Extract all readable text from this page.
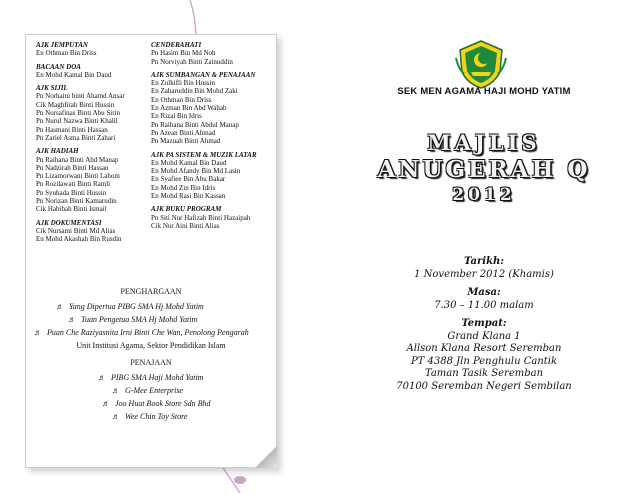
AJK JEMPUTAN
En Othman Bin Driss
BACAAN DOA
En Mohd Kamal Bin Daud
AJK SIJIL
Pn Norhaini binti Ahamd Ansar
Cik Maghfirah Binti Hussin
Pn Norsafinas Binti Abu Sirin
Pn Nurul Nazwa Binti Khalil
Pn Hasmani Binti Hassan
Pn Zariel Asma Binti Zahari
AJK HADIAH
Pn Raihana Binti Abd Manap
Pn Nadzirah Binti Hassan
Pn Lizamorwani Binti Lahom
Pn Rozilawati Binti Ramli
Pn Syuhada Binti Hussin
Pn Norizan Binti Kamarudin
Cik Habibah Binti Ismail
AJK DOKUMENTASI
Cik Nursami Binti Md Alias
En Mohd Akashah Bin Rusdin
CENDERAHATI
Pn Hasim Bin Md Noh
Pn Norviyah Binti Zainuddin
AJK SUMBANGAN & PENAJAAN
En Zulkifli Bin Hussin
En Zaharuddin Bin Mohd Zaki
En Othman Bin Driss
En Azman Bin Abd Wahab
En Rizal Bin Idris
Pn Raihana Binti Abdul Manap
Pn Azean Binti Ahmad
Pn Mazuah Binti Ahmad
AJK PA SISTEM & MUZIK LATAR
En Mohd Kamal Bin Daud
En Mohd Afandy Bin Md Lasin
En Syafiee Bin Abu Bakar
En Mohd Zin Bin Idris
En Mohd Rasi Bin Kassan
AJK BUKU PROGRAM
Pn Siti Nur Hafizah Binti Hazaipah
Cik Nur Aini Binti Alias
PENGHARGAAN
♬ Yang Dipertua PIBG SMA Hj Mohd Yatim
♬ Tuan Pengetua SMA Hj Mohd Yatim
♬ Puan Che Raziyasnita Irni Binti Che Wan, Penolong Pengarah
Unit Institusi Agama, Sektor Pendidikan Islam
PENAJAAN
♬ PIBG SMA Haji Mohd Yatim
♬ G-Mee Enterprise
♬ Joo Huat Book Store Sdn Bhd
♬ Wee Chin Toy Store
SEK MEN AGAMA HAJI MOHD YATIM
MAJLIS
ANUGERAH Q
2012
Tarikh:
1 November 2012 (Khamis)
Masa:
7.30 – 11.00 malam
Tempat:
Grand Klana 1
Allson Klana Resort Seremban
PT 4388 Jln Penghulu Cantik
Taman Tasik Seremban
70100 Seremban Negeri Sembilan
